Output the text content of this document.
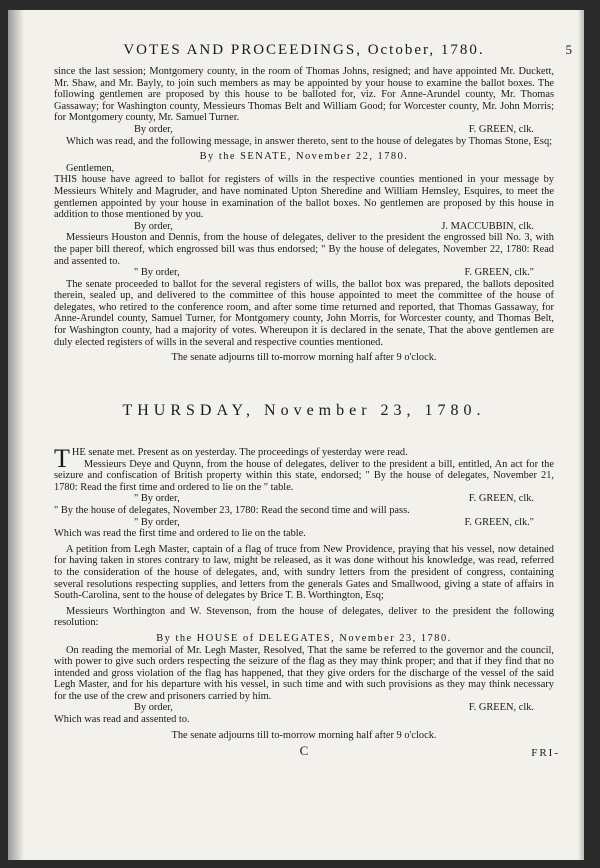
VOTES AND PROCEEDINGS, October, 1780.	5

since the last session; Montgomery county, in the room of Thomas Johns, resigned; and have appointed Mr. Duckett, Mr. Shaw, and Mr. Bayly, to join such members as may be appointed by your house to examine the ballot boxes. The following gentlemen are proposed by this house to be balloted for, viz. For Anne-Arundel county, Mr. Thomas Gassaway; for Washington county, Messieurs Thomas Belt and William Good; for Worcester county, Mr. John Morris; for Montgomery county, Mr. Samuel Turner.

By order,	F. GREEN, clk.

Which was read, and the following message, in answer thereto, sent to the house of delegates by Thomas Stone, Esq;

By the SENATE, November 22, 1780.

Gentlemen,

THIS house have agreed to ballot for registers of wills in the respective counties mentioned in your message by Messieurs Whitely and Magruder, and have nominated Upton Sheredine and William Hemsley, Esquires, to meet the gentlemen appointed by your house in examination of the ballot boxes. No gentlemen are proposed by this house in addition to those mentioned by you.

By order,	J. MACCUBBIN, clk.

Messieurs Houston and Dennis, from the house of delegates, deliver to the president the engrossed bill No. 3, with the paper bill thereof, which engrossed bill was thus endorsed; " By the house of delegates, November 22, 1780: Read and assented to.

" By order,	F. GREEN, clk."

The senate proceeded to ballot for the several registers of wills, the ballot box was prepared, the ballots deposited therein, sealed up, and delivered to the committee of this house appointed to meet the committee of the house of delegates, who retired to the conference room, and after some time returned and reported, that Thomas Gassaway, for Anne-Arundel county, Samuel Turner, for Montgomery county, John Morris, for Worcester county, and Thomas Belt, for Washington county, had a majority of votes. Whereupon it is declared in the senate, That the above gentlemen are duly elected registers of wills in the several and respective counties mentioned.

The senate adjourns till to-morrow morning half after 9 o'clock.

THURSDAY, November 23, 1780.

T HE senate met. Present as on yesterday. The proceedings of yesterday were read.

Messieurs Deye and Quynn, from the house of delegates, deliver to the president a bill, entitled, An act for the seizure and confiscation of British property within this state, endorsed; " By the house of delegates, November 21, 1780: Read the first time and ordered to lie on the " table.

" By order,	F. GREEN, clk.

" By the house of delegates, November 23, 1780: Read the second time and will pass.

" By order,	F. GREEN, clk."

Which was read the first time and ordered to lie on the table.

A petition from Legh Master, captain of a flag of truce from New Providence, praying that his vessel, now detained for having taken in stores contrary to law, might be released, as it was done without his knowledge, was read, referred to the consideration of the house of delegates, and, with sundry letters from the president of congress, containing several resolutions respecting supplies, and letters from the generals Gates and Smallwood, giving a state of affairs in South-Carolina, sent to the house of delegates by Brice T. B. Worthington, Esq;

Messieurs Worthington and W. Stevenson, from the house of delegates, deliver to the president the following resolution:

By the HOUSE of DELEGATES, November 23, 1780.

On reading the memorial of Mr. Legh Master, Resolved, That the same be referred to the governor and the council, with power to give such orders respecting the seizure of the flag as they may think proper; and that if they find that no intended and gross violation of the flag has happened, that they give orders for the discharge of the vessel of the said Legh Master, and for his departure with his vessel, in such time and with such provisions as they may think necessary for the use of the crew and prisoners carried by him.

By order,	F. GREEN, clk.

Which was read and assented to.

The senate adjourns till to-morrow morning half after 9 o'clock.

C	FRI-
